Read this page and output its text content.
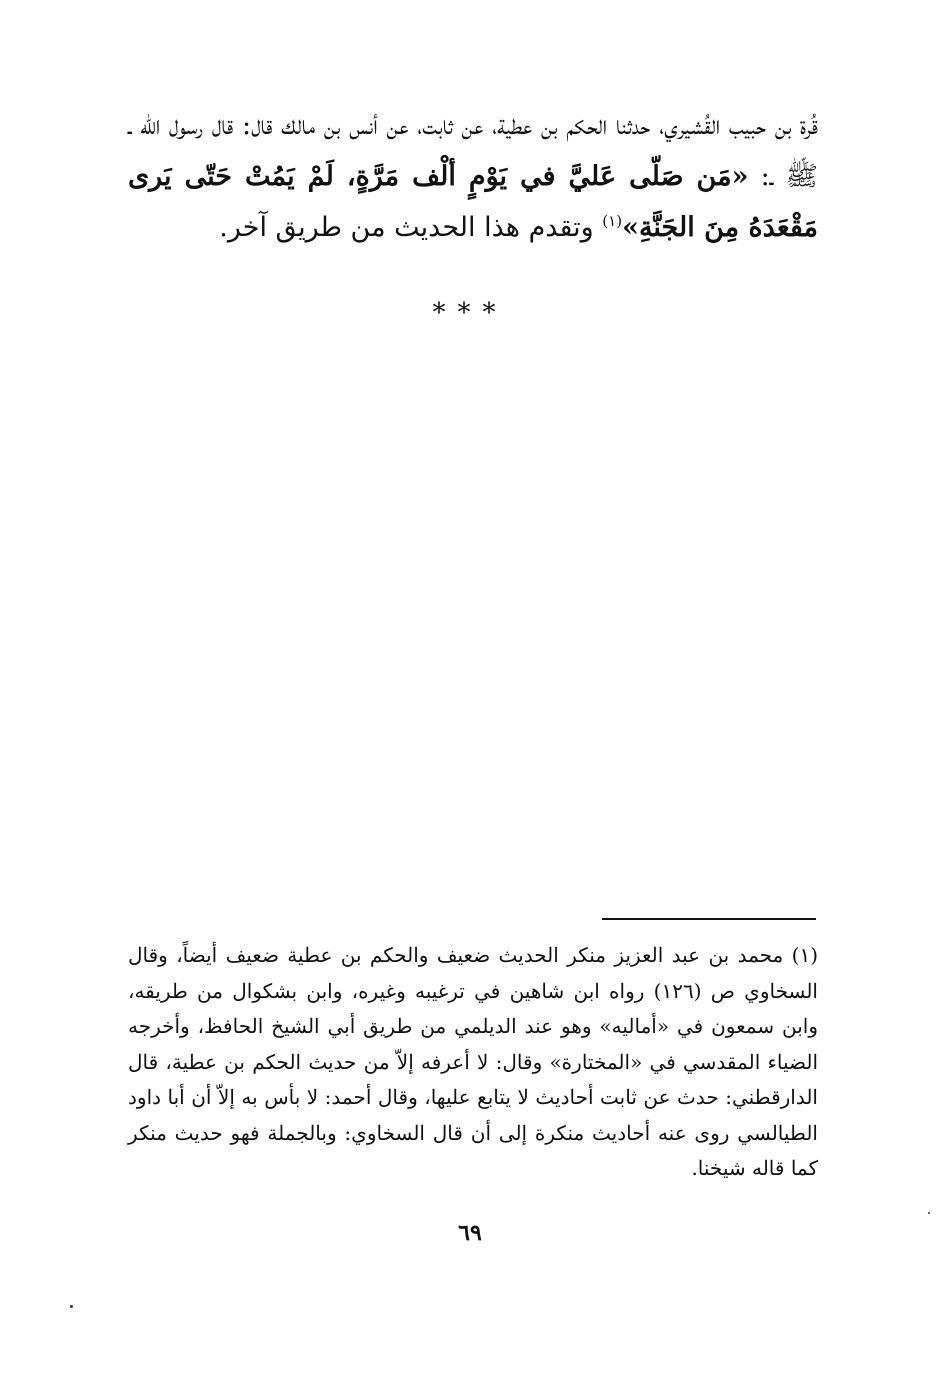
قُرة بن حبيب القُشيري، حدثنا الحكم بن عطية، عن ثابت، عن أنس بن مالك قال: قال رسول الله ـ ﷺ ـ: «مَن صَلّى عَليَّ في يَوْمٍ ألْف مَرَّةٍ، لَمْ يَمُتْ حَتّى يَرى مَقْعَدَهُ مِنَ الجَنَّةِ»$^{(١)}$ وتقدم هذا الحديث من طريق آخر.

***

(١) محمد بن عبد العزيز منكر الحديث ضعيف والحكم بن عطية ضعيف أيضاً، وقال السخاوي ص (١٢٦) رواه ابن شاهين في ترغيبه وغيره، وابن بشكوال من طريقه، وابن سمعون في «أماليه» وهو عند الديلمي من طريق أبي الشيخ الحافظ، وأخرجه الضياء المقدسي في «المختارة» وقال: لا أعرفه إلاّ من حديث الحكم بن عطية، قال الدارقطني: حدث عن ثابت أحاديث لا يتابع عليها، وقال أحمد: لا بأس به إلاّ أن أبا داود الطيالسي روى عنه أحاديث منكرة إلى أن قال السخاوي: وبالجملة فهو حديث منكر كما قاله شيخنا.

٦٩
